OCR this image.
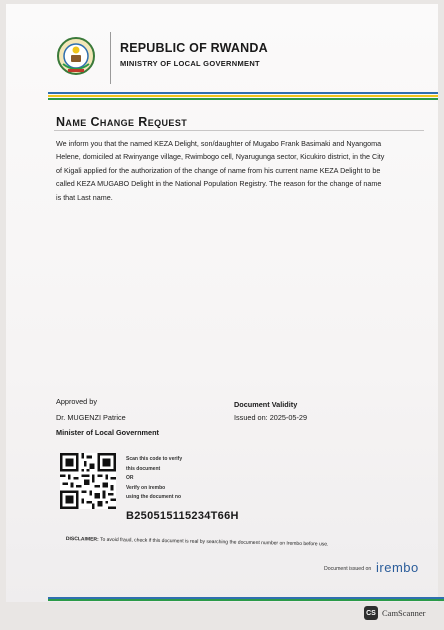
REPUBLIC OF RWANDA
MINISTRY OF LOCAL GOVERNMENT
Name Change Request
We inform you that the named KEZA Delight, son/daughter of Mugabo Frank Basimaki and Nyangoma Helene, domiciled at Rwinyange village, Rwimbogo cell, Nyarugunga sector, Kicukiro district, in the City of Kigali applied for the authorization of the change of name from his current name KEZA Delight to be called KEZA MUGABO Delight in the National Population Registry. The reason for the change of name is that Last name.
Approved by
Dr. MUGENZI Patrice
Minister of Local Government
Document Validity
Issued on: 2025-05-29
Scan this code to verify
this document
OR
Verify on irembo
using the document no
B250515115234T66H
DISCLAIMER: To avoid fraud, check if this document is real by searching the document number on Irembo before use.
Document issued on irembo
CS CamScanner
